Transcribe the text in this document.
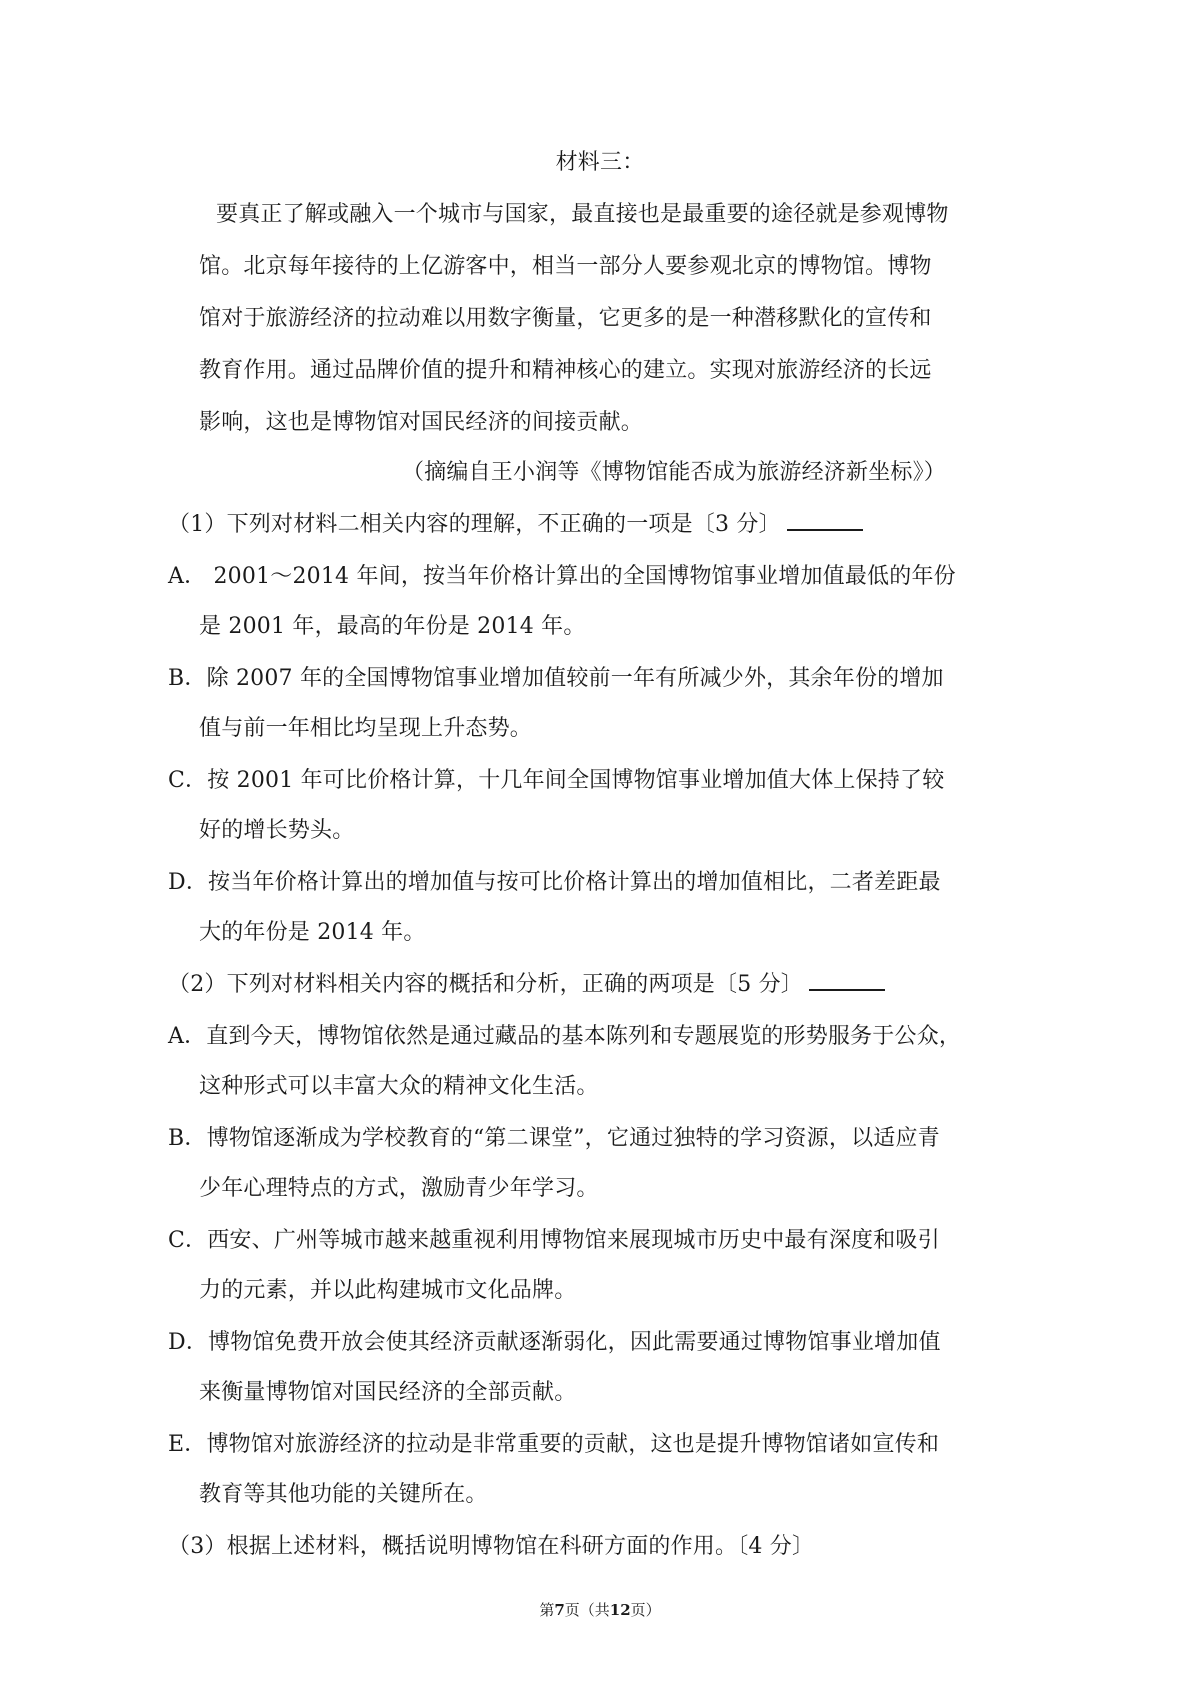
材料三：
要真正了解或融入一个城市与国家，最直接也是最重要的途径就是参观博物
馆。北京每年接待的上亿游客中，相当一部分人要参观北京的博物馆。博物
馆对于旅游经济的拉动难以用数字衡量，它更多的是一种潜移默化的宣传和
教育作用。通过品牌价值的提升和精神核心的建立。实现对旅游经济的长远
影响，这也是博物馆对国民经济的间接贡献。
（摘编自王小润等《博物馆能否成为旅游经济新坐标》）
（1）下列对材料二相关内容的理解，不正确的一项是〔3 分〕
A． 2001～2014 年间，按当年价格计算出的全国博物馆事业增加值最低的年份
是 2001 年，最高的年份是 2014 年。
B．除 2007 年的全国博物馆事业增加值较前一年有所减少外，其余年份的增加
值与前一年相比均呈现上升态势。
C．按 2001 年可比价格计算，十几年间全国博物馆事业增加值大体上保持了较
好的增长势头。
D．按当年价格计算出的增加值与按可比价格计算出的增加值相比，二者差距最
大的年份是 2014 年。
（2）下列对材料相关内容的概括和分析，正确的两项是〔5 分〕
A．直到今天，博物馆依然是通过藏品的基本陈列和专题展览的形势服务于公众，
这种形式可以丰富大众的精神文化生活。
B．博物馆逐渐成为学校教育的“第二课堂”，它通过独特的学习资源，以适应青
少年心理特点的方式，激励青少年学习。
C．西安、广州等城市越来越重视利用博物馆来展现城市历史中最有深度和吸引
力的元素，并以此构建城市文化品牌。
D．博物馆免费开放会使其经济贡献逐渐弱化，因此需要通过博物馆事业增加值
来衡量博物馆对国民经济的全部贡献。
E．博物馆对旅游经济的拉动是非常重要的贡献，这也是提升博物馆诸如宣传和
教育等其他功能的关键所在。
（3）根据上述材料，概括说明博物馆在科研方面的作用。〔4 分〕
第7页（共12页）
